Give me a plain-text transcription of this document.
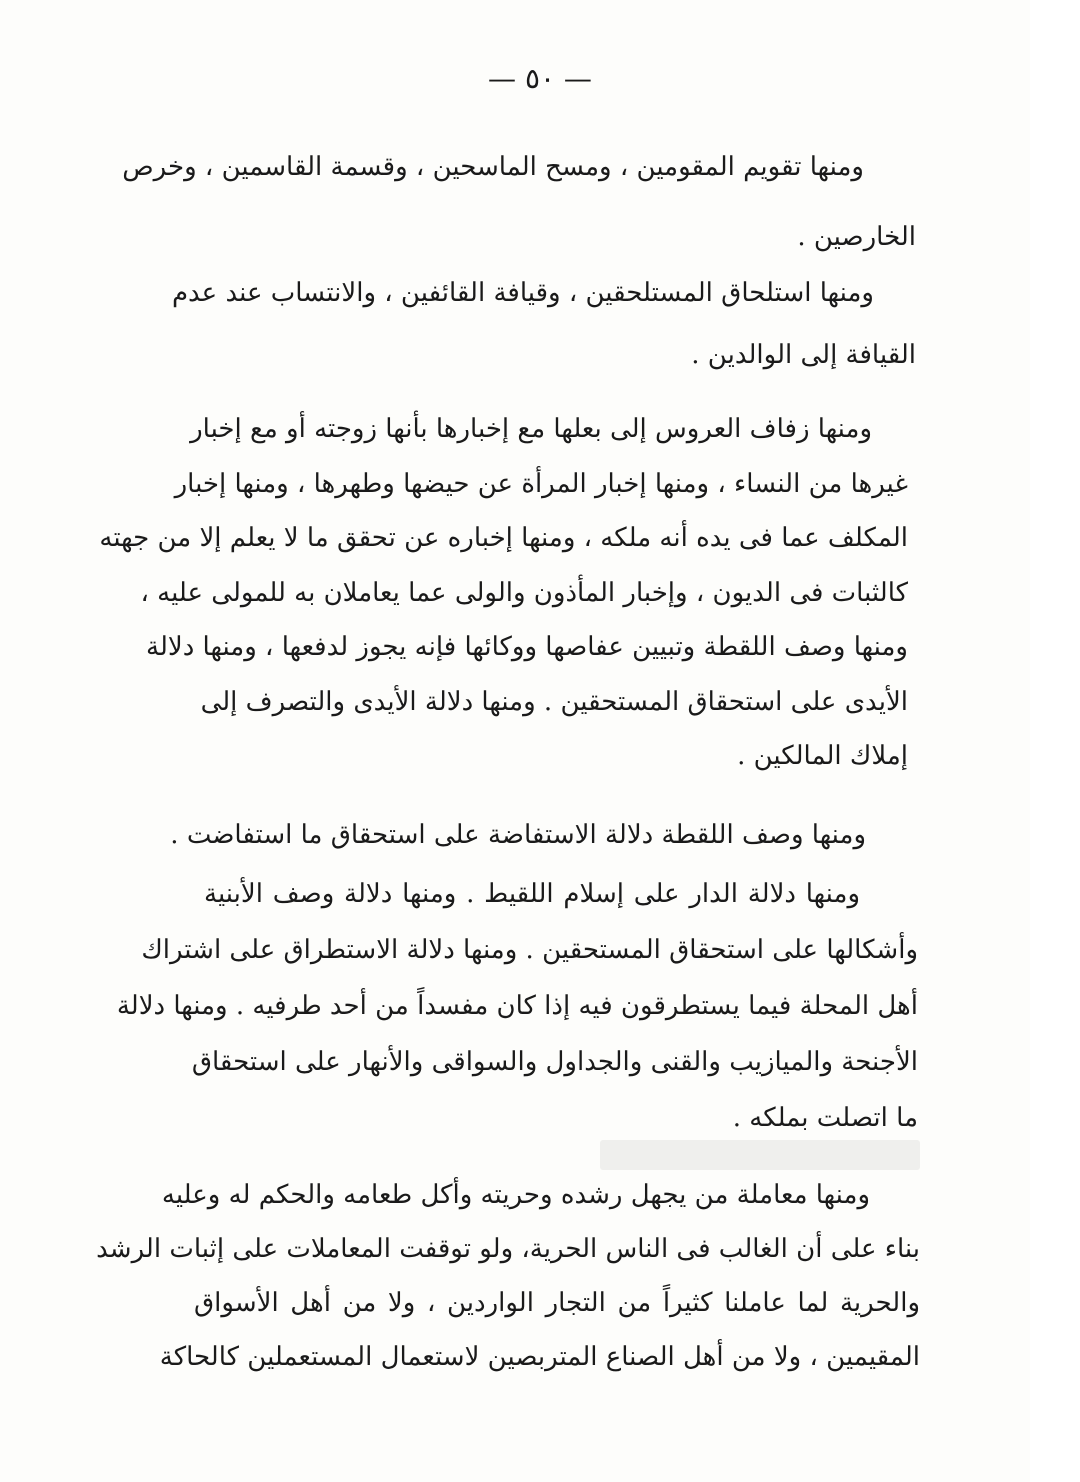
— ٥٠ —
ومنها تقويم المقومين ، ومسح الماسحين ، وقسمة القاسمين ، وخرص
الخارصين .
ومنها استلحاق المستلحقين ، وقيافة القائفين ، والانتساب عند عدم
القيافة إلى الوالدين .
ومنها زفاف العروس إلى بعلها مع إخبارها بأنها زوجته أو مع إخبار
غيرها من النساء ، ومنها إخبار المرأة عن حيضها وطهرها ، ومنها إخبار
المكلف عما فى يده أنه ملكه ، ومنها إخباره عن تحقق ما لا يعلم إلا من جهته
كالثبات فى الديون ، وإخبار المأذون والولى عما يعاملان به للمولى عليه ،
ومنها وصف اللقطة وتبيين عفاصها ووكائها فإنه يجوز لدفعها ، ومنها دلالة
الأيدى على استحقاق المستحقين . ومنها دلالة الأيدى والتصرف إلى
إملاك المالكين .
ومنها وصف اللقطة دلالة الاستفاضة على استحقاق ما استفاضت .
ومنها دلالة الدار على إسلام اللقيط . ومنها دلالة وصف الأبنية
وأشكالها على استحقاق المستحقين . ومنها دلالة الاستطراق على اشتراك
أهل المحلة فيما يستطرقون فيه إذا كان مفسداً من أحد طرفيه . ومنها دلالة
الأجنحة والميازيب والقنى والجداول والسواقى والأنهار على استحقاق
ما اتصلت بملكه .
ومنها معاملة من يجهل رشده وحريته وأكل طعامه والحكم له وعليه
بناء على أن الغالب فى الناس الحرية، ولو توقفت المعاملات على إثبات الرشد
والحرية لما عاملنا كثيراً من التجار الواردين ، ولا من أهل الأسواق
المقيمين ، ولا من أهل الصناع المتربصين لاستعمال المستعملين كالحاكة
